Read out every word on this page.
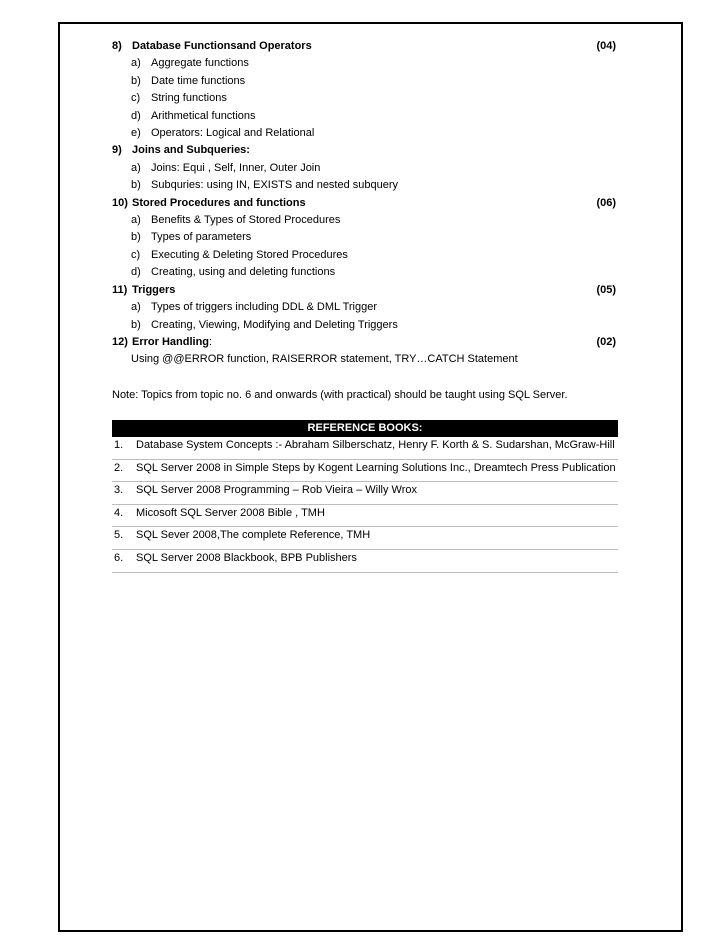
8) Database Functionsand Operators	(04)
a) Aggregate functions
b) Date time functions
c) String functions
d) Arithmetical functions
e) Operators: Logical and Relational
9) Joins and Subqueries:
a) Joins: Equi , Self, Inner, Outer Join
b) Subquries: using IN, EXISTS and nested subquery
10) Stored Procedures and functions	(06)
a) Benefits & Types of Stored Procedures
b) Types of parameters
c) Executing & Deleting Stored Procedures
d) Creating, using and deleting functions
11) Triggers	(05)
a) Types of triggers including DDL & DML Trigger
b) Creating, Viewing, Modifying and Deleting Triggers
12) Error Handling:	(02)
Using @@ERROR function, RAISERROR statement, TRY…CATCH Statement
Note: Topics from topic no. 6 and onwards (with practical) should be taught using SQL Server.
REFERENCE BOOKS:
1. Database System Concepts :- Abraham Silberschatz, Henry F. Korth & S. Sudarshan, McGraw-Hill
2. SQL Server 2008 in Simple Steps by Kogent Learning Solutions Inc., Dreamtech Press Publication
3. SQL Server 2008 Programming – Rob Vieira – Willy Wrox
4. Micosoft SQL Server 2008 Bible , TMH
5. SQL Sever 2008,The complete Reference, TMH
6. SQL Server 2008 Blackbook, BPB Publishers
